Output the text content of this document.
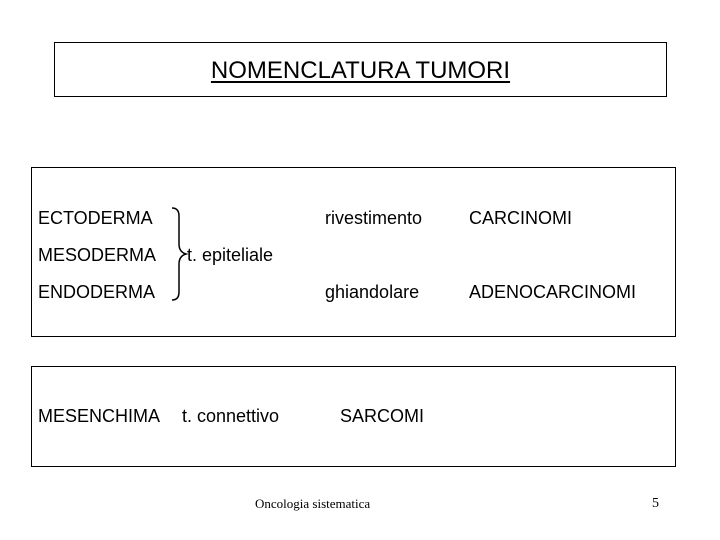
NOMENCLATURA TUMORI
ECTODERMA
MESODERMA
ENDODERMA
t. epiteliale
rivestimento
ghiandolare
CARCINOMI
ADENOCARCINOMI
MESENCHIMA t. connettivo	SARCOMI
Oncologia sistematica	5
